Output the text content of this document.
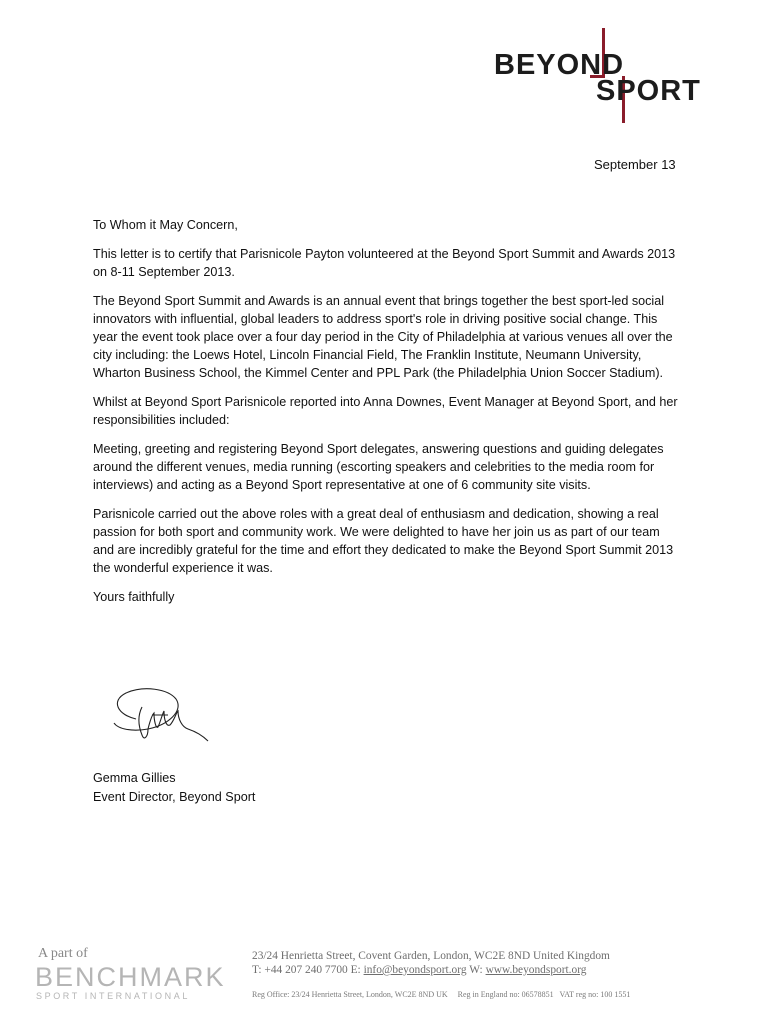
BEYOND
SPORT
September 13

To Whom it May Concern,

This letter is to certify that Parisnicole Payton volunteered at the Beyond Sport Summit and Awards 2013 on 8-11 September 2013.

The Beyond Sport Summit and Awards is an annual event that brings together the best sport-led social innovators with influential, global leaders to address sport's role in driving positive social change. This year the event took place over a four day period in the City of Philadelphia at various venues all over the city including: the Loews Hotel, Lincoln Financial Field, The Franklin Institute, Neumann University, Wharton Business School, the Kimmel Center and PPL Park (the Philadelphia Union Soccer Stadium).

Whilst at Beyond Sport Parisnicole reported into Anna Downes, Event Manager at Beyond Sport, and her responsibilities included:

Meeting, greeting and registering Beyond Sport delegates, answering questions and guiding delegates around the different venues, media running (escorting speakers and celebrities to the media room for interviews) and acting as a Beyond Sport representative at one of 6 community site visits.

Parisnicole carried out the above roles with a great deal of enthusiasm and dedication, showing a real passion for both sport and community work. We were delighted to have her join us as part of our team and are incredibly grateful for the time and effort they dedicated to make the Beyond Sport Summit 2013 the wonderful experience it was.

Yours faithfully

Gemma Gillies
Event Director, Beyond Sport
A part of
BENCHMARK
SPORT INTERNATIONAL
23/24 Henrietta Street, Covent Garden, London, WC2E 8ND United Kingdom
T: +44 207 240 7700 E: info@beyondsport.org W: www.beyondsport.org
Reg Office: 23/24 Henrietta Street, London, WC2E 8ND UK Reg in England no: 06578851 VAT reg no: 100 1551
